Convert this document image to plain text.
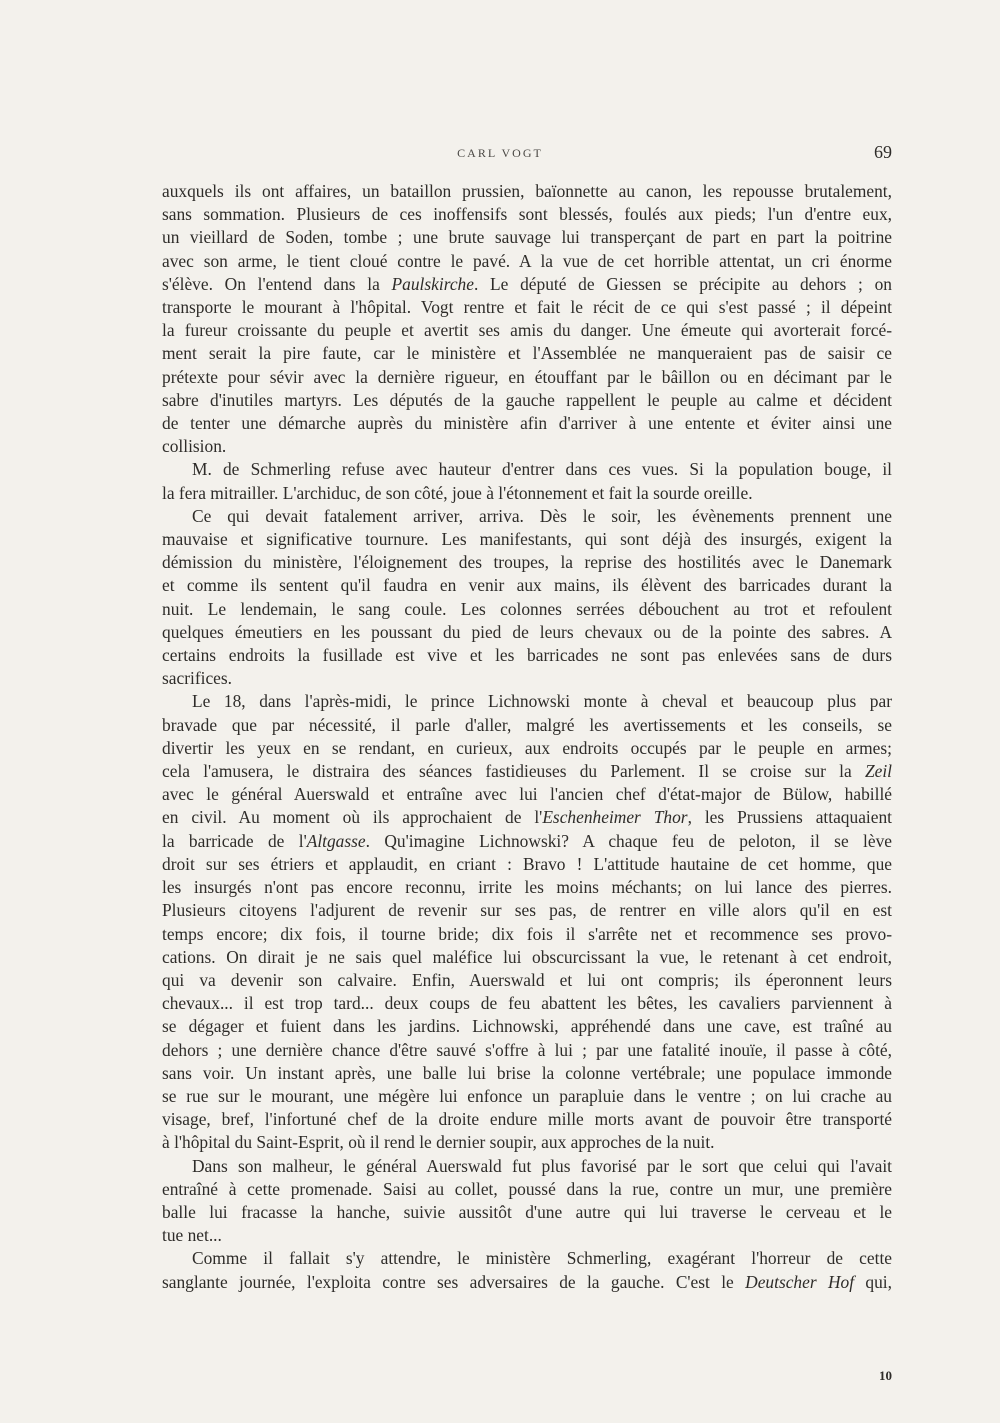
CARL VOGT	69

auxquels ils ont affaires, un bataillon prussien, baïonnette au canon, les repousse brutalement,

sans sommation. Plusieurs de ces inoffensifs sont blessés, foulés aux pieds; l'un d'entre eux,

un vieillard de Soden, tombe ; une brute sauvage lui transperçant de part en part la poitrine

avec son arme, le tient cloué contre le pavé. A la vue de cet horrible attentat, un cri énorme

s'élève. On l'entend dans la Paulskirche. Le député de Giessen se précipite au dehors ; on

transporte le mourant à l'hôpital. Vogt rentre et fait le récit de ce qui s'est passé ; il dépeint

la fureur croissante du peuple et avertit ses amis du danger. Une émeute qui avorterait forcé-

ment serait la pire faute, car le ministère et l'Assemblée ne manqueraient pas de saisir ce

prétexte pour sévir avec la dernière rigueur, en étouffant par le bâillon ou en décimant par le

sabre d'inutiles martyrs. Les députés de la gauche rappellent le peuple au calme et décident

de tenter une démarche auprès du ministère afin d'arriver à une entente et éviter ainsi une

collision.

M. de Schmerling refuse avec hauteur d'entrer dans ces vues. Si la population bouge, il

la fera mitrailler. L'archiduc, de son côté, joue à l'étonnement et fait la sourde oreille.

Ce qui devait fatalement arriver, arriva. Dès le soir, les évènements prennent une

mauvaise et significative tournure. Les manifestants, qui sont déjà des insurgés, exigent la

démission du ministère, l'éloignement des troupes, la reprise des hostilités avec le Danemark

et comme ils sentent qu'il faudra en venir aux mains, ils élèvent des barricades durant la

nuit. Le lendemain, le sang coule. Les colonnes serrées débouchent au trot et refoulent

quelques émeutiers en les poussant du pied de leurs chevaux ou de la pointe des sabres. A

certains endroits la fusillade est vive et les barricades ne sont pas enlevées sans de durs

sacrifices.

Le 18, dans l'après-midi, le prince Lichnowski monte à cheval et beaucoup plus par

bravade que par nécessité, il parle d'aller, malgré les avertissements et les conseils, se

divertir les yeux en se rendant, en curieux, aux endroits occupés par le peuple en armes;

cela l'amusera, le distraira des séances fastidieuses du Parlement. Il se croise sur la Zeil

avec le général Auerswald et entraîne avec lui l'ancien chef d'état-major de Bülow, habillé

en civil. Au moment où ils approchaient de l'Eschenheimer Thor, les Prussiens attaquaient

la barricade de l'Altgasse. Qu'imagine Lichnowski? A chaque feu de peloton, il se lève

droit sur ses étriers et applaudit, en criant : Bravo ! L'attitude hautaine de cet homme, que

les insurgés n'ont pas encore reconnu, irrite les moins méchants; on lui lance des pierres.

Plusieurs citoyens l'adjurent de revenir sur ses pas, de rentrer en ville alors qu'il en est

temps encore; dix fois, il tourne bride; dix fois il s'arrête net et recommence ses provo-

cations. On dirait je ne sais quel maléfice lui obscurcissant la vue, le retenant à cet endroit,

qui va devenir son calvaire. Enfin, Auerswald et lui ont compris; ils éperonnent leurs

chevaux... il est trop tard... deux coups de feu abattent les bêtes, les cavaliers parviennent à

se dégager et fuient dans les jardins. Lichnowski, appréhendé dans une cave, est traîné au

dehors ; une dernière chance d'être sauvé s'offre à lui ; par une fatalité inouïe, il passe à côté,

sans voir. Un instant après, une balle lui brise la colonne vertébrale; une populace immonde

se rue sur le mourant, une mégère lui enfonce un parapluie dans le ventre ; on lui crache au

visage, bref, l'infortuné chef de la droite endure mille morts avant de pouvoir être transporté

à l'hôpital du Saint-Esprit, où il rend le dernier soupir, aux approches de la nuit.

Dans son malheur, le général Auerswald fut plus favorisé par le sort que celui qui l'avait

entraîné à cette promenade. Saisi au collet, poussé dans la rue, contre un mur, une première

balle lui fracasse la hanche, suivie aussitôt d'une autre qui lui traverse le cerveau et le

tue net...

Comme il fallait s'y attendre, le ministère Schmerling, exagérant l'horreur de cette

sanglante journée, l'exploita contre ses adversaires de la gauche. C'est le Deutscher Hof qui,

10
